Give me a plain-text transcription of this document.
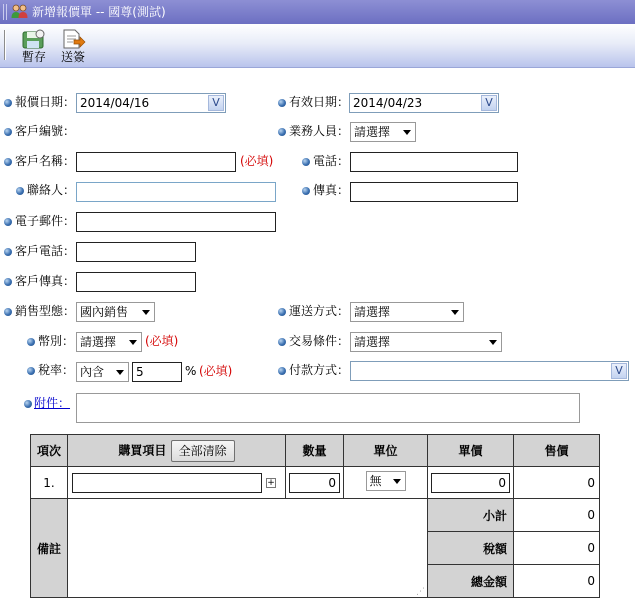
新增報價單 -- 國尊(測試)
暫存	送簽
報價日期： 2014/04/16	V	有效日期： 2014/04/23	V
客戶編號：	業務人員： 請選擇
客戶名稱：	(必填)	電話：
聯絡人：	傳真：
電子郵件：
客戶電話：
客戶傳真：
銷售型態： 國內銷售	運送方式： 請選擇
幣別： 請選擇	(必填)	交易條件： 請選擇
稅率： 內含	5	% (必填)	付款方式：	V
附件：
項次	購買項目 全部清除	數量	單位	單價	售價
1.	+	0	無	0	0
備註	⋰			小計	0
				稅額	0
				總金額	0
